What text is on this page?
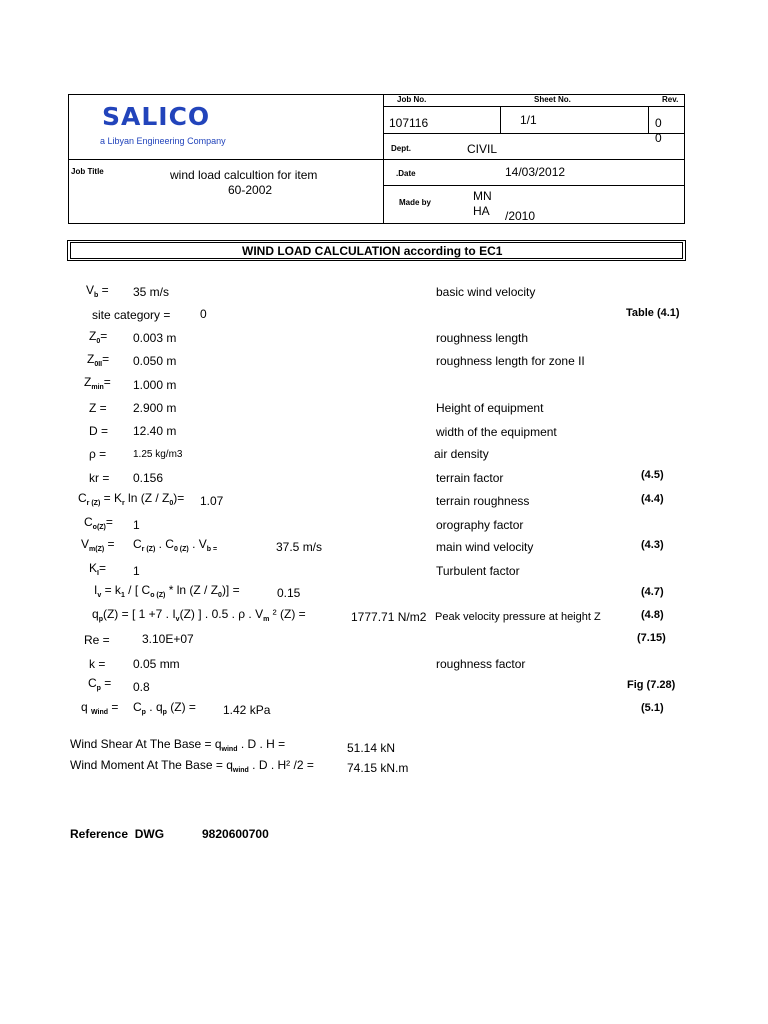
SALICO
a Libyan Engineering Company
Job No.	Sheet No.	Rev.
107116	1/1	0
0
Dept.	CIVIL
Job Title	wind load calcultion for item
60-2002
.Date	14/03/2012
Made by	MN
HA /2010
WIND LOAD CALCULATION according to EC1
$V_b = 35$ m/s	basic wind velocity
site category = 0	Table (4.1)
$Z_0= 0.003$ m	roughness length
$Z_{0II}= 0.050$ m	roughness length for zone II
$Z_{min}= 1.000$ m
Z = 2.900 m	Height of equipment
D = 12.40 m	width of the equipment
ρ =	1.25 kg/m3	air density
kr = 0.156	terrain factor	(4.5)
$C_{r (Z)} = K_r$ $\ln (Z / Z_0)= 1.07$	terrain roughness	(4.4)
$C_{o(Z)}= 1$	orography factor
$V_{m(Z)} = C_{r (Z)}$ . $C_{0 (Z)}$ . $V_{b =}$	37.5 m/s	main wind velocity	(4.3)
$K_I= 1$	Turbulent factor
$I_v = k_1$ / [ $C_{o (Z)}$ * $\ln (Z / Z_0)$] =	0.15	(4.7)
$q_p(Z)$ = [ 1 +7 . $I_v(Z)$ ] . 0.5 . ρ . $V_m$ ² (Z) =	1777.71 N/m2 Peak velocity pressure at height Z	(4.8)
Re =	3.10E+07	(7.15)
k = 0.05 mm	roughness factor
$C_p = 0.8$	Fig (7.28)
q $_{Wind} = C_p$ . $q_p$ (Z) = 1.42 kPa	(5.1)
Wind Shear At The Base = $q_{wind}$ . D . H =	51.14 kN
Wind Moment At The Base = $q_{wind}$ . D . H² /2 =	74.15 kN.m
Reference  DWG	9820600700
